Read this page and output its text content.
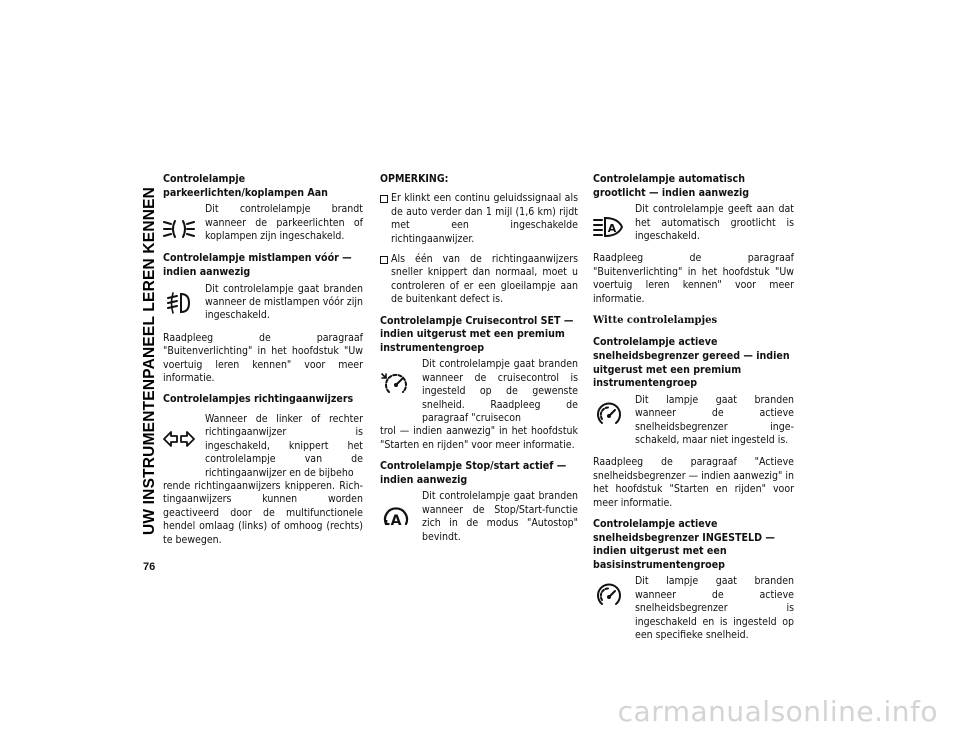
UW INSTRUMENTENPANEEL LEREN KENNEN
76
Controlelampje parkeerlichten/koplampen Aan
Dit controlelampje brandt wanneer de parkeerlichten of koplampen zijn ingeschakeld.
Controlelampje mistlampen vóór — indien aanwezig
Dit controlelampje gaat branden wanneer de mistlampen vóór zijn ingeschakeld.

Raadpleeg de paragraaf "Buitenverlichting" in het hoofdstuk "Uw voertuig leren kennen" voor meer informatie.

Controlelampjes richtingaanwijzers
Wanneer de linker of rechter richtingaanwijzer is ingeschakeld, knippert het controlelampje van de richtingaanwijzer en de bijbeho

rende richtingaanwijzers knipperen. Richtingaanwijzers kunnen worden geactiveerd door de multifunctionele hendel omlaag (links) of omhoog (rechts) te bewegen.

OPMERKING:
Er klinkt een continu geluidssignaal als de auto verder dan 1 mijl (1,6 km) rijdt met een ingeschakelde richtingaanwijzer.
Als één van de richtingaanwijzers sneller knippert dan normaal, moet u controleren of er een gloeilampje aan de buitenkant defect is.
Controlelampje Cruisecontrol SET — indien uitgerust met een premium instrumentengroep
Dit controlelampje gaat branden wanneer de cruisecontrol is ingesteld op de gewenste snelheid. Raadpleeg de paragraaf "cruisecon

trol — indien aanwezig" in het hoofdstuk "Starten en rijden" voor meer informatie.

Controlelampje Stop/start actief — indien aanwezig
A
Dit controlelampje gaat branden wanneer de Stop/Start-functie zich in de modus "Autostop" bevindt.
Controlelampje automatisch grootlicht — indien aanwezig
A
Dit controlelampje geeft aan dat het automatisch grootlicht is ingeschakeld.

Raadpleeg de paragraaf "Buitenverlichting" in het hoofdstuk "Uw voertuig leren kennen" voor meer informatie.

Witte controlelampjes
Controlelampje actieve snelheidsbegrenzer gereed — indien uitgerust met een premium instrumentengroep
Dit lampje gaat branden wanneer de actieve snelheidsbegrenzer ingeschakeld, maar niet ingesteld is.

Raadpleeg de paragraaf "Actieve snelheidsbegrenzer — indien aanwezig" in het hoofdstuk "Starten en rijden" voor meer informatie.

Controlelampje actieve snelheidsbegrenzer INGESTELD — indien uitgerust met een basisinstrumentengroep
Dit lampje gaat branden wanneer de actieve snelheidsbegrenzer is ingeschakeld en is ingesteld op een specifieke snelheid.
carmanualsonline.info
